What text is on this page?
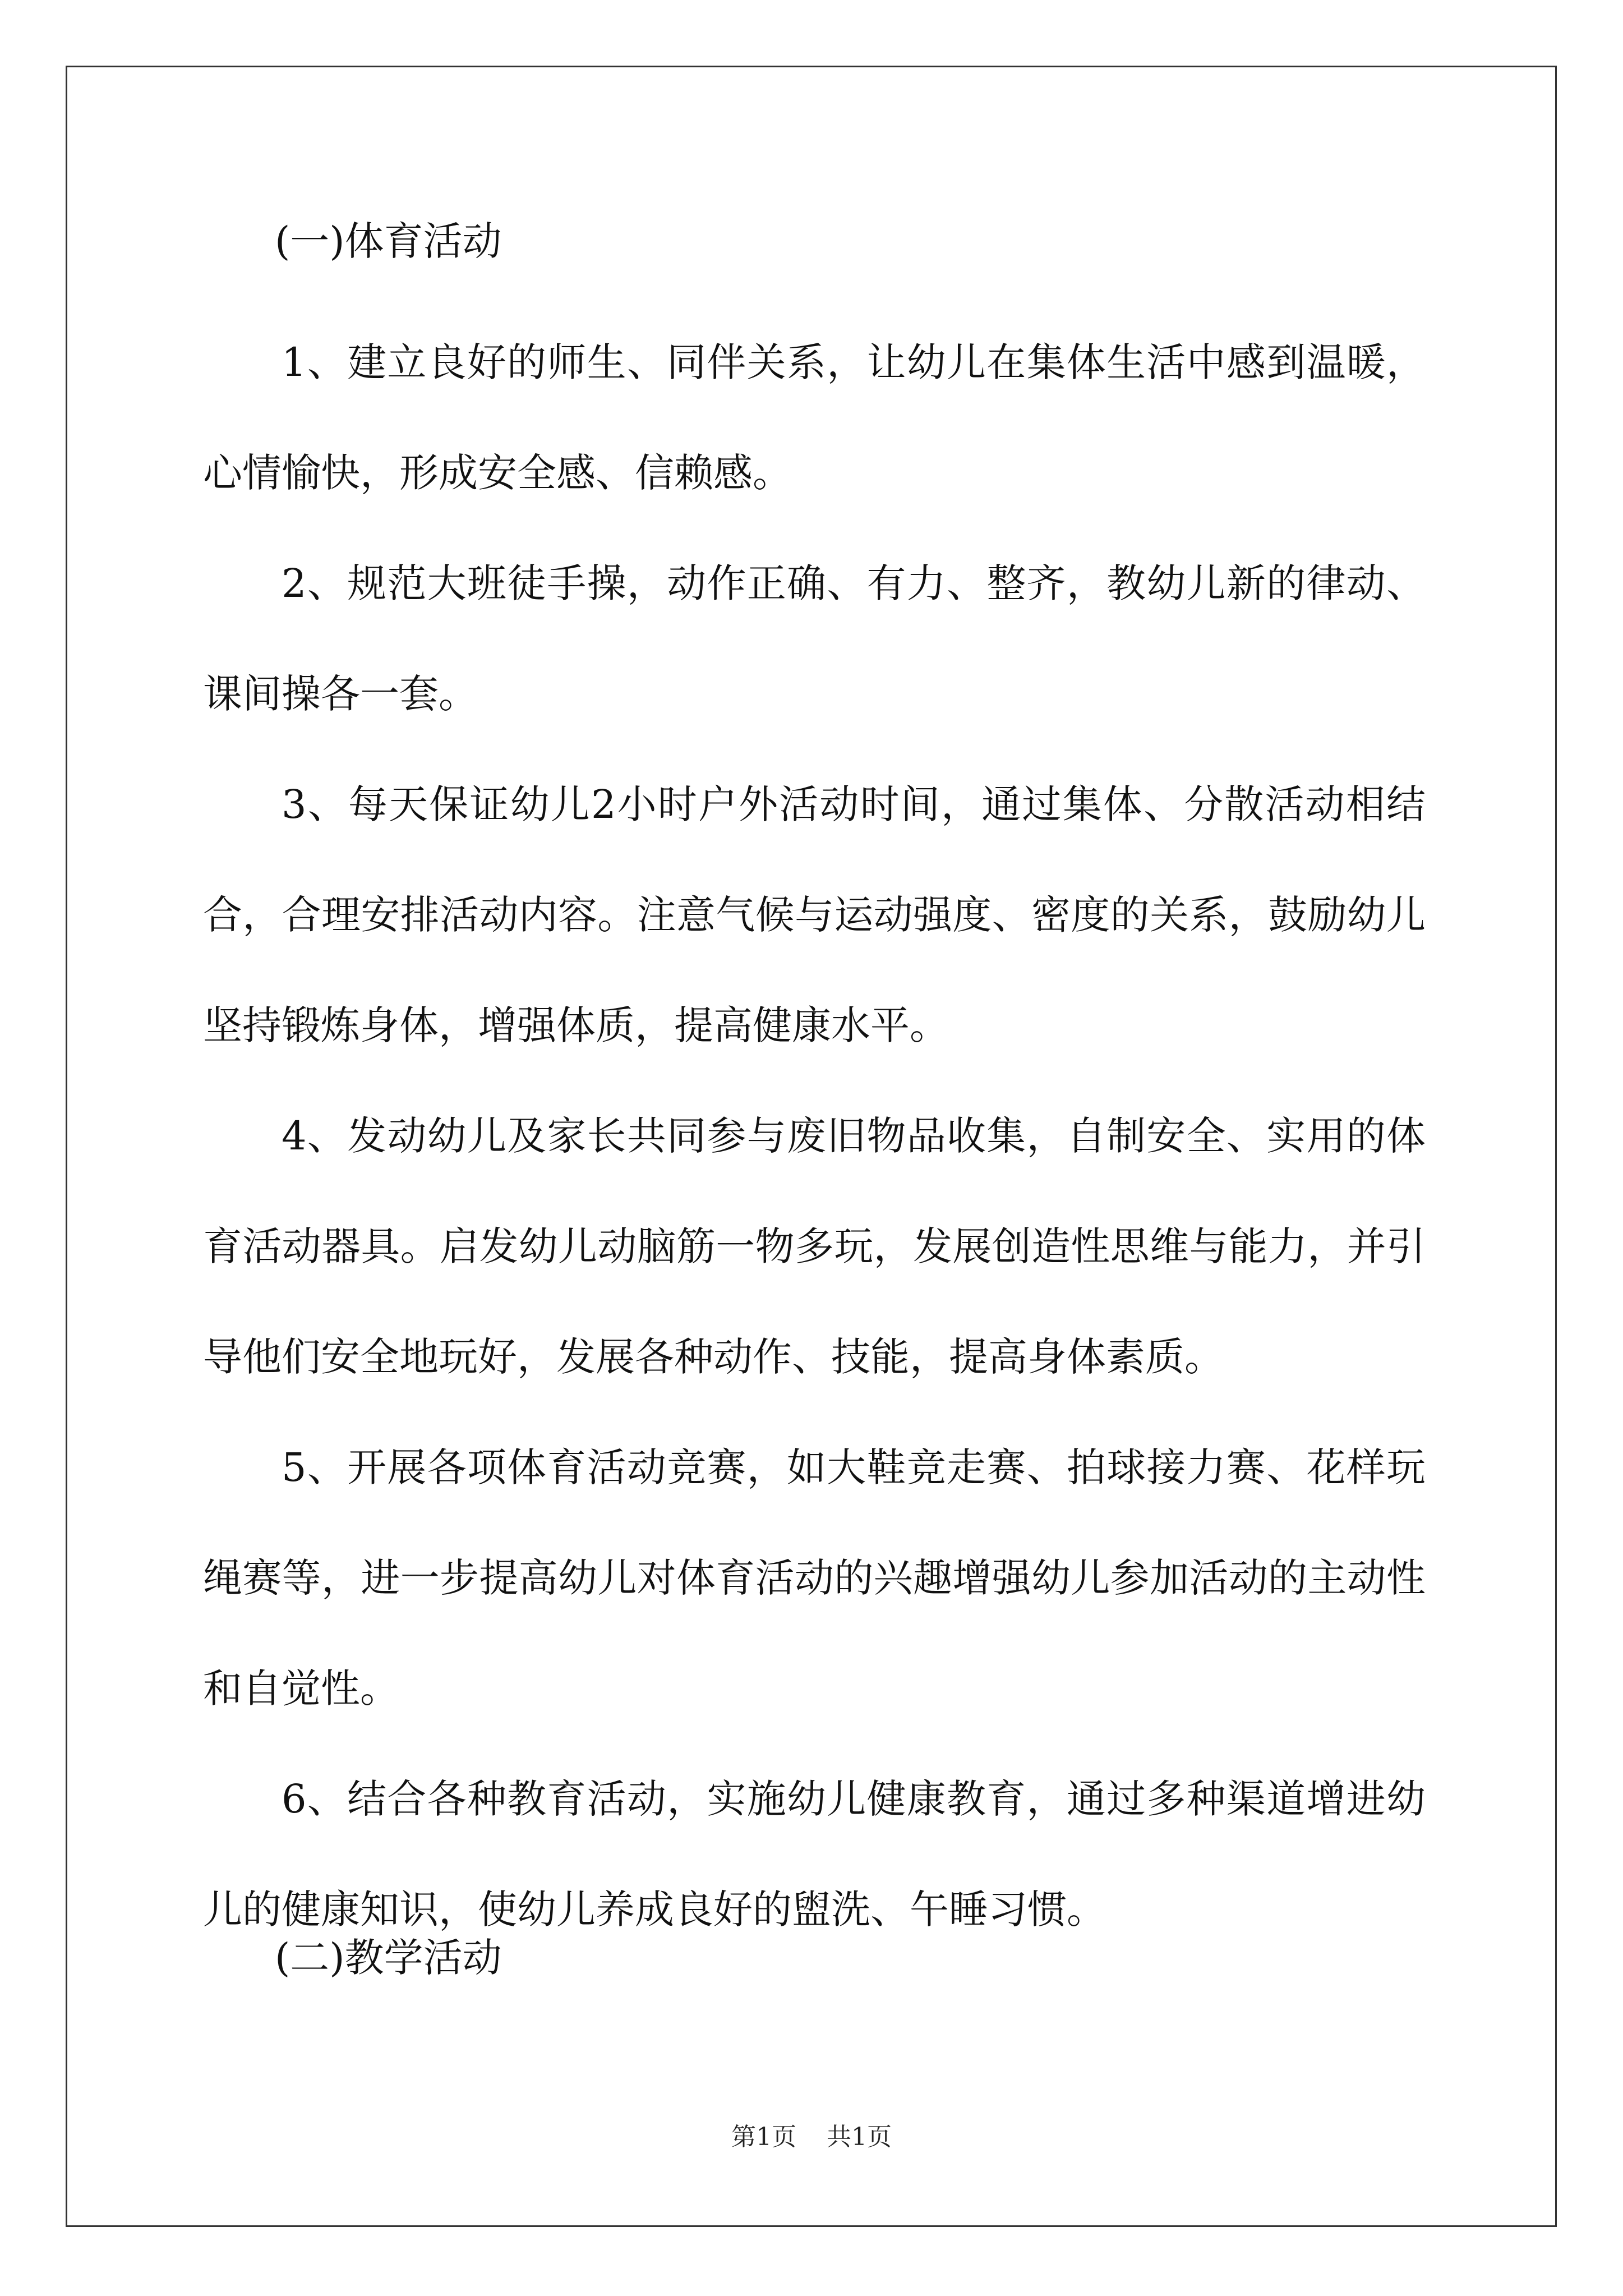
(一)体育活动

1、建立良好的师生、同伴关系，让幼儿在集体生活中感到温暖，心情愉快，形成安全感、信赖感。

2、规范大班徒手操，动作正确、有力、整齐，教幼儿新的律动、课间操各一套。

3、每天保证幼儿2小时户外活动时间，通过集体、分散活动相结合，合理安排活动内容。注意气候与运动强度、密度的关系，鼓励幼儿坚持锻炼身体，增强体质，提高健康水平。

4、发动幼儿及家长共同参与废旧物品收集，自制安全、实用的体育活动器具。启发幼儿动脑筋一物多玩，发展创造性思维与能力，并引导他们安全地玩好，发展各种动作、技能，提高身体素质。

5、开展各项体育活动竞赛，如大鞋竞走赛、拍球接力赛、花样玩绳赛等，进一步提高幼儿对体育活动的兴趣增强幼儿参加活动的主动性和自觉性。

6、结合各种教育活动，实施幼儿健康教育，通过多种渠道增进幼儿的健康知识，使幼儿养成良好的盥洗、午睡习惯。

(二)教学活动
第1页 共1页
